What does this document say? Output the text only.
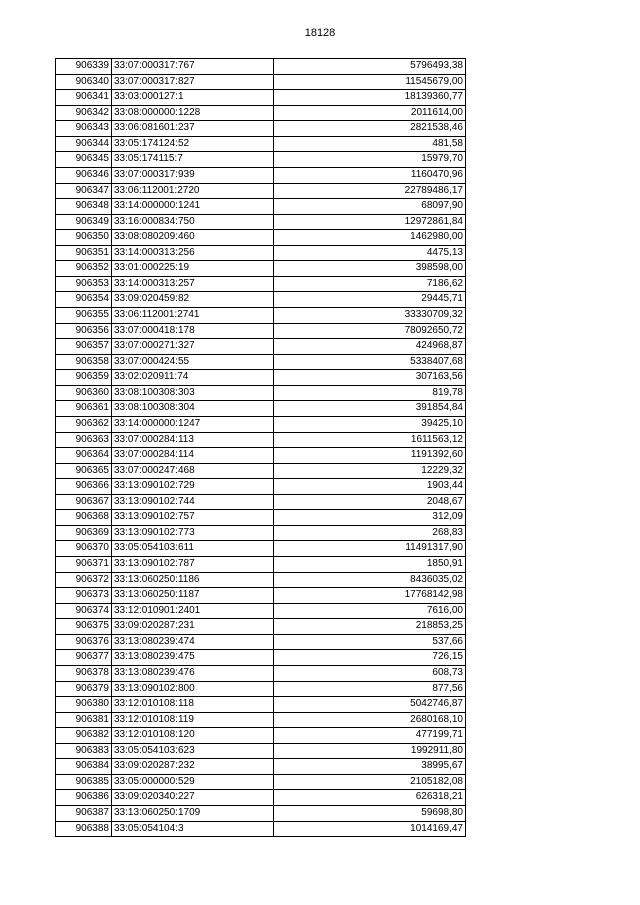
18128
906339	33:07:000317:767	5796493,38
906340	33:07:000317:827	11545679,00
906341	33:03:000127:1	18139360,77
906342	33:08:000000:1228	2011614,00
906343	33:06:081601:237	2821538,46
906344	33:05:174124:52	481,58
906345	33:05:174115:7	15979,70
906346	33:07:000317:939	1160470,96
906347	33:06:112001:2720	22789486,17
906348	33:14:000000:1241	68097,90
906349	33:16:000834:750	12972861,84
906350	33:08:080209:460	1462980,00
906351	33:14:000313:256	4475,13
906352	33:01:000225:19	398598,00
906353	33:14:000313:257	7186,62
906354	33:09:020459:82	29445,71
906355	33:06:112001:2741	33330709,32
906356	33:07:000418:178	78092650,72
906357	33:07:000271:327	424968,87
906358	33:07:000424:55	5338407,68
906359	33:02:020911:74	307163,56
906360	33:08:100308:303	819,78
906361	33:08:100308:304	391854,84
906362	33:14:000000:1247	39425,10
906363	33:07:000284:113	1611563,12
906364	33:07:000284:114	1191392,60
906365	33:07:000247:468	12229,32
906366	33:13:090102:729	1903,44
906367	33:13:090102:744	2048,67
906368	33:13:090102:757	312,09
906369	33:13:090102:773	268,83
906370	33:05:054103:611	11491317,90
906371	33:13:090102:787	1850,91
906372	33:13:060250:1186	8436035,02
906373	33:13:060250:1187	17768142,98
906374	33:12:010901:2401	7616,00
906375	33:09:020287:231	218853,25
906376	33:13:080239:474	537,66
906377	33:13:080239:475	726,15
906378	33:13:080239:476	608,73
906379	33:13:090102:800	877,56
906380	33:12:010108:118	5042746,87
906381	33:12:010108:119	2680168,10
906382	33:12:010108:120	477199,71
906383	33:05:054103:623	1992911,80
906384	33:09:020287:232	38995,67
906385	33:05:000000:529	2105182,08
906386	33:09:020340:227	626318,21
906387	33:13:060250:1709	59698,80
906388	33:05:054104:3	1014169,47
